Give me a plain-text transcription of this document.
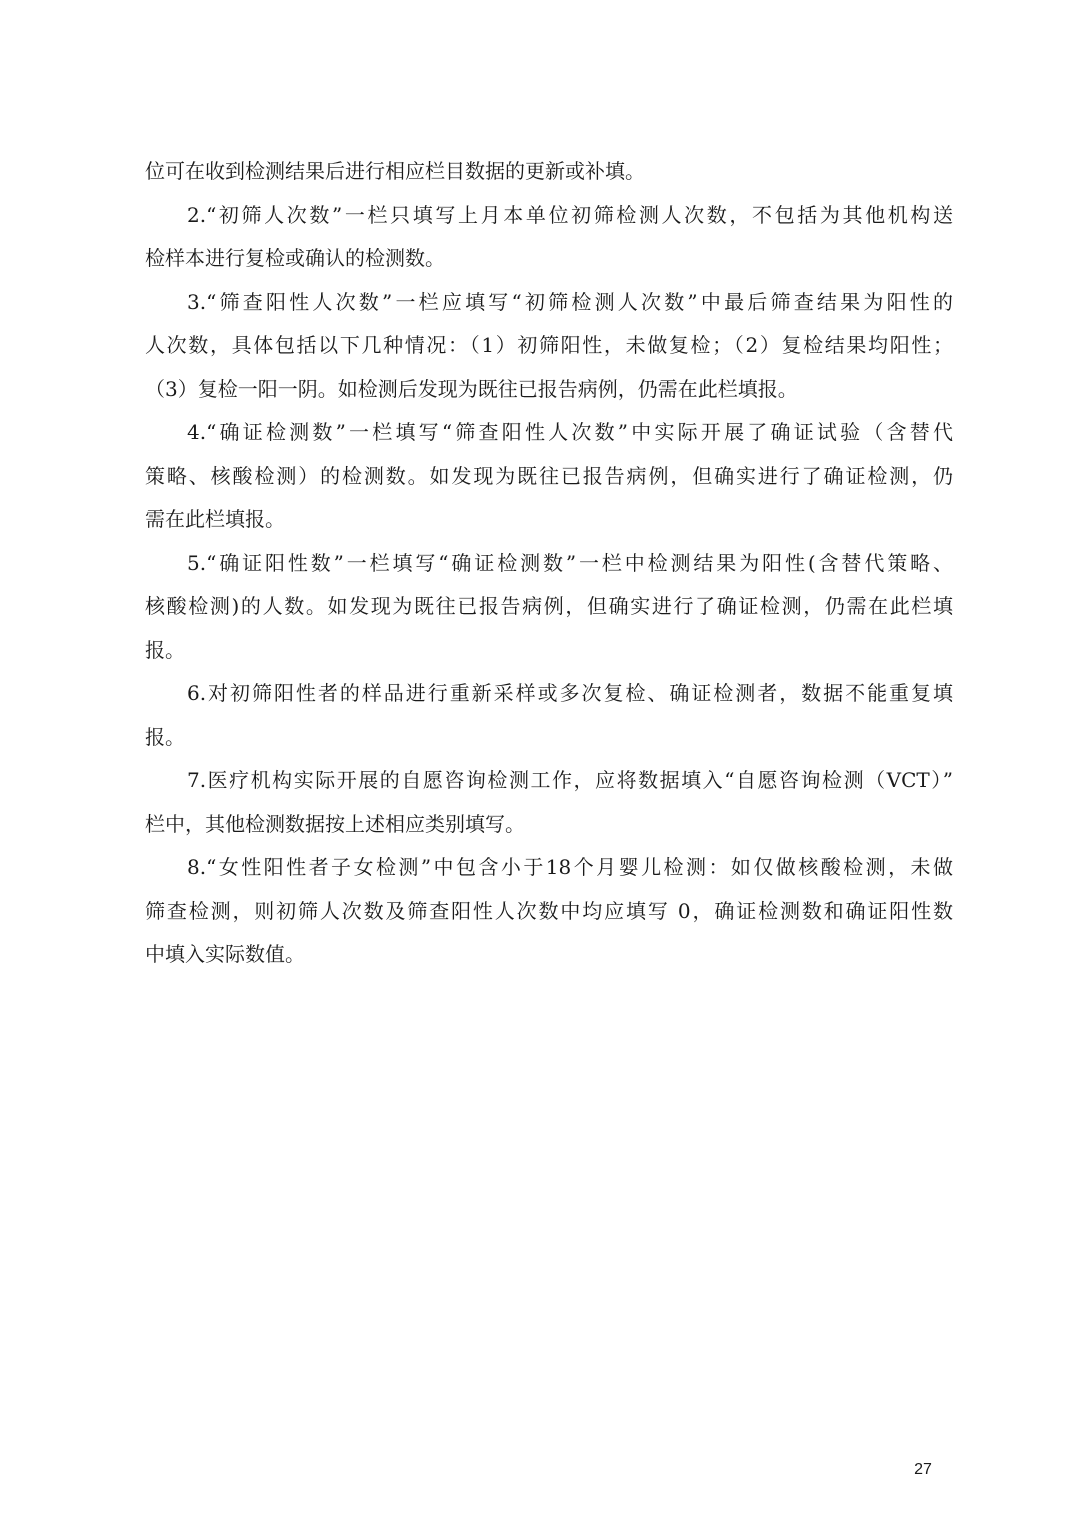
位可在收到检测结果后进行相应栏目数据的更新或补填。
2.“初筛人次数”一栏只填写上月本单位初筛检测人次数，不包括为其他机构送
检样本进行复检或确认的检测数。
3.“筛查阳性人次数”一栏应填写“初筛检测人次数”中最后筛查结果为阳性的
人次数，具体包括以下几种情况：（1）初筛阳性，未做复检；（2）复检结果均阳性；
（3）复检一阳一阴。如检测后发现为既往已报告病例，仍需在此栏填报。
4.“确证检测数”一栏填写“筛查阳性人次数”中实际开展了确证试验（含替代
策略、核酸检测）的检测数。如发现为既往已报告病例，但确实进行了确证检测，仍
需在此栏填报。
5.“确证阳性数”一栏填写“确证检测数”一栏中检测结果为阳性(含替代策略、
核酸检测)的人数。如发现为既往已报告病例，但确实进行了确证检测，仍需在此栏填
报。
6.对初筛阳性者的样品进行重新采样或多次复检、确证检测者，数据不能重复填
报。
7.医疗机构实际开展的自愿咨询检测工作，应将数据填入“自愿咨询检测（VCT）”
栏中，其他检测数据按上述相应类别填写。
8.“女性阳性者子女检测”中包含小于18个月婴儿检测：如仅做核酸检测，未做
筛查检测，则初筛人次数及筛查阳性人次数中均应填写 0，确证检测数和确证阳性数
中填入实际数值。
27
